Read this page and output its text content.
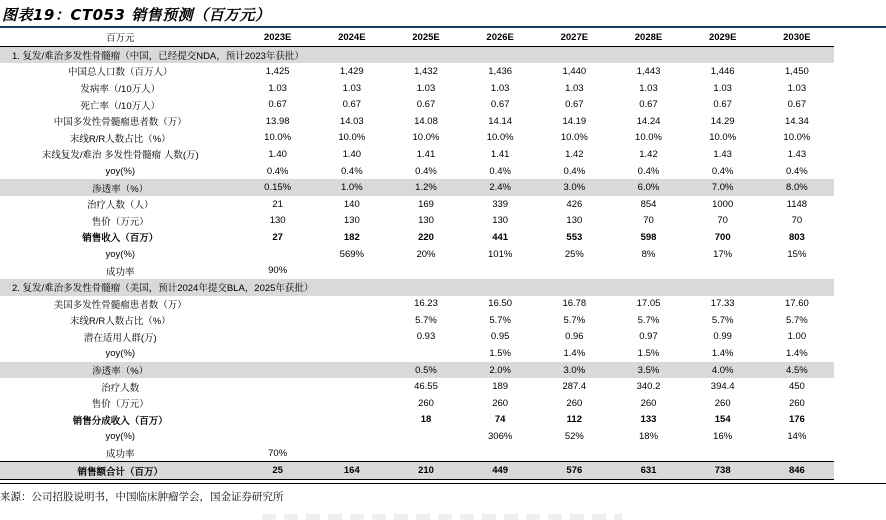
图表19：CT053 销售预测（百万元）
百万元	2023E	2024E	2025E	2026E	2027E	2028E	2029E	2030E
1. 复发/难治多发性骨髓瘤（中国，已经提交NDA，预计2023年获批）								
中国总人口数（百万人）	1,425	1,429	1,432	1,436	1,440	1,443	1,446	1,450
发病率（/10万人）	1.03	1.03	1.03	1.03	1.03	1.03	1.03	1.03
死亡率（/10万人）	0.67	0.67	0.67	0.67	0.67	0.67	0.67	0.67
中国多发性骨髓瘤患者数（万）	13.98	14.03	14.08	14.14	14.19	14.24	14.29	14.34
末线R/R人数占比（%）	10.0%	10.0%	10.0%	10.0%	10.0%	10.0%	10.0%	10.0%
末线复发/难治 多发性骨髓瘤 人数(万)	1.40	1.40	1.41	1.41	1.42	1.42	1.43	1.43
yoy(%)	0.4%	0.4%	0.4%	0.4%	0.4%	0.4%	0.4%	0.4%
渗透率（%）	0.15%	1.0%	1.2%	2.4%	3.0%	6.0%	7.0%	8.0%
治疗人数（人）	21	140	169	339	426	854	1000	1148
售价（万元）	130	130	130	130	130	70	70	70
销售收入（百万）	27	182	220	441	553	598	700	803
yoy(%)		569%	20%	101%	25%	8%	17%	15%
成功率	90%							
2. 复发/难治多发性骨髓瘤（美国，预计2024年提交BLA，2025年获批）								
美国多发性骨髓瘤患者数（万）			16.23	16.50	16.78	17.05	17.33	17.60
末线R/R人数占比（%）			5.7%	5.7%	5.7%	5.7%	5.7%	5.7%
潜在适用人群(万)			0.93	0.95	0.96	0.97	0.99	1.00
yoy(%)				1.5%	1.4%	1.5%	1.4%	1.4%
渗透率（%）			0.5%	2.0%	3.0%	3.5%	4.0%	4.5%
治疗人数			46.55	189	287.4	340.2	394.4	450
售价（万元）			260	260	260	260	260	260
销售分成收入（百万）			18	74	112	133	154	176
yoy(%)				306%	52%	18%	16%	14%
成功率	70%							
销售额合计（百万）	25	164	210	449	576	631	738	846
来源：公司招股说明书，中国临床肿瘤学会，国金证券研究所
